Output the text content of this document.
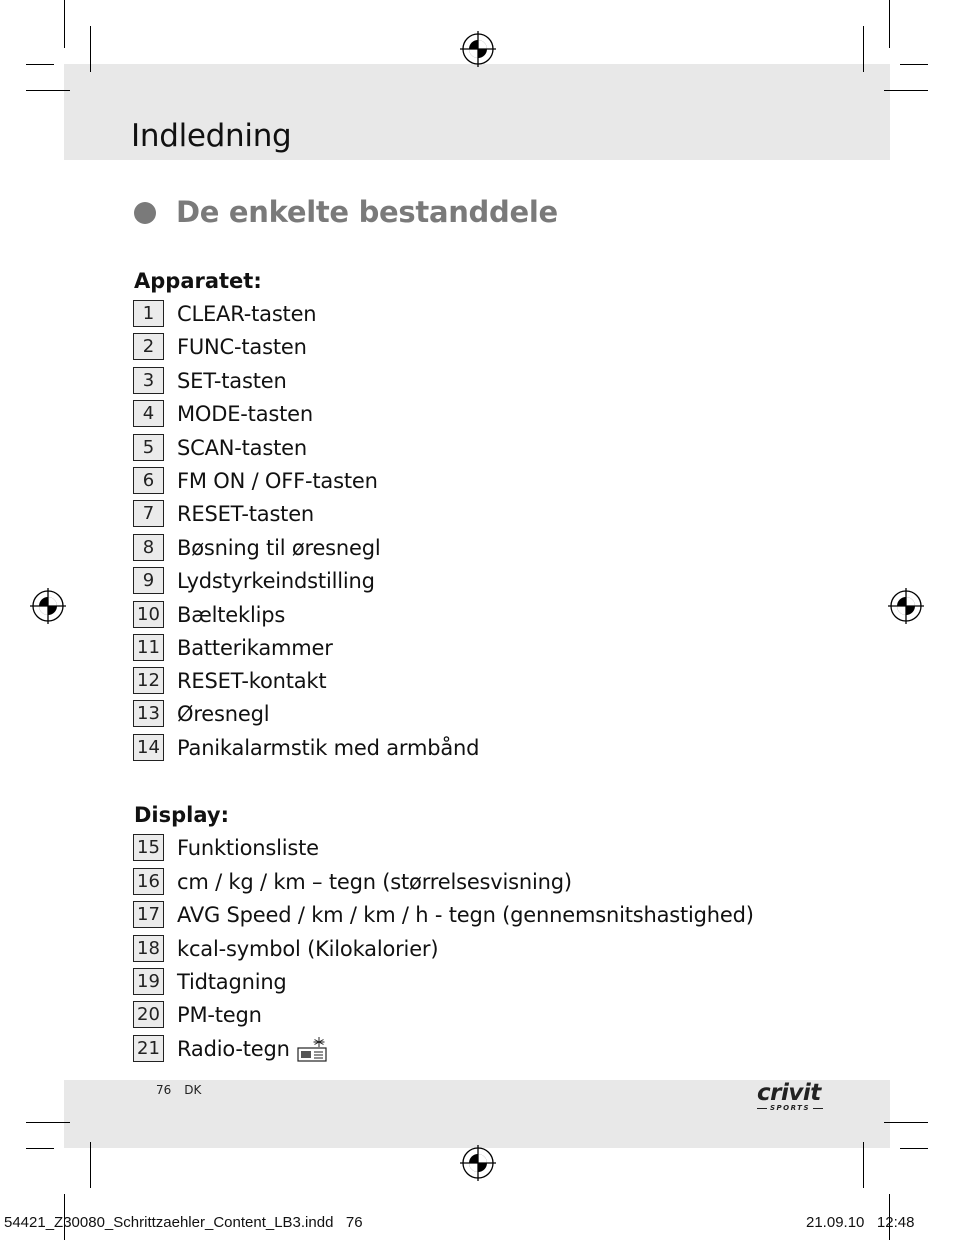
Indledning
De enkelte bestanddele
Apparatet:
1	CLEAR-tasten
2	FUNC-tasten
3	SET-tasten
4	MODE-tasten
5	SCAN-tasten
6	FM ON / OFF-tasten
7	RESET-tasten
8	Bøsning til øresnegl
9	Lydstyrkeindstilling
10 Bælteklips
11 Batterikammer
12 RESET-kontakt
13 Øresnegl
14 Panikalarmstik med armbånd
Display:
15 Funktionsliste
16 cm / kg / km – tegn (størrelsesvisning)
17 AVG Speed / km / km / h - tegn (gennemsnitshastighed)
18 kcal-symbol (Kilokalorier)
19 Tidtagning
20 PM-tegn
21 Radio-tegn
76 DK	crivit
SPORTS
54421_Z30080_Schrittzaehler_Content_LB3.indd   76	21.09.10   12:48
